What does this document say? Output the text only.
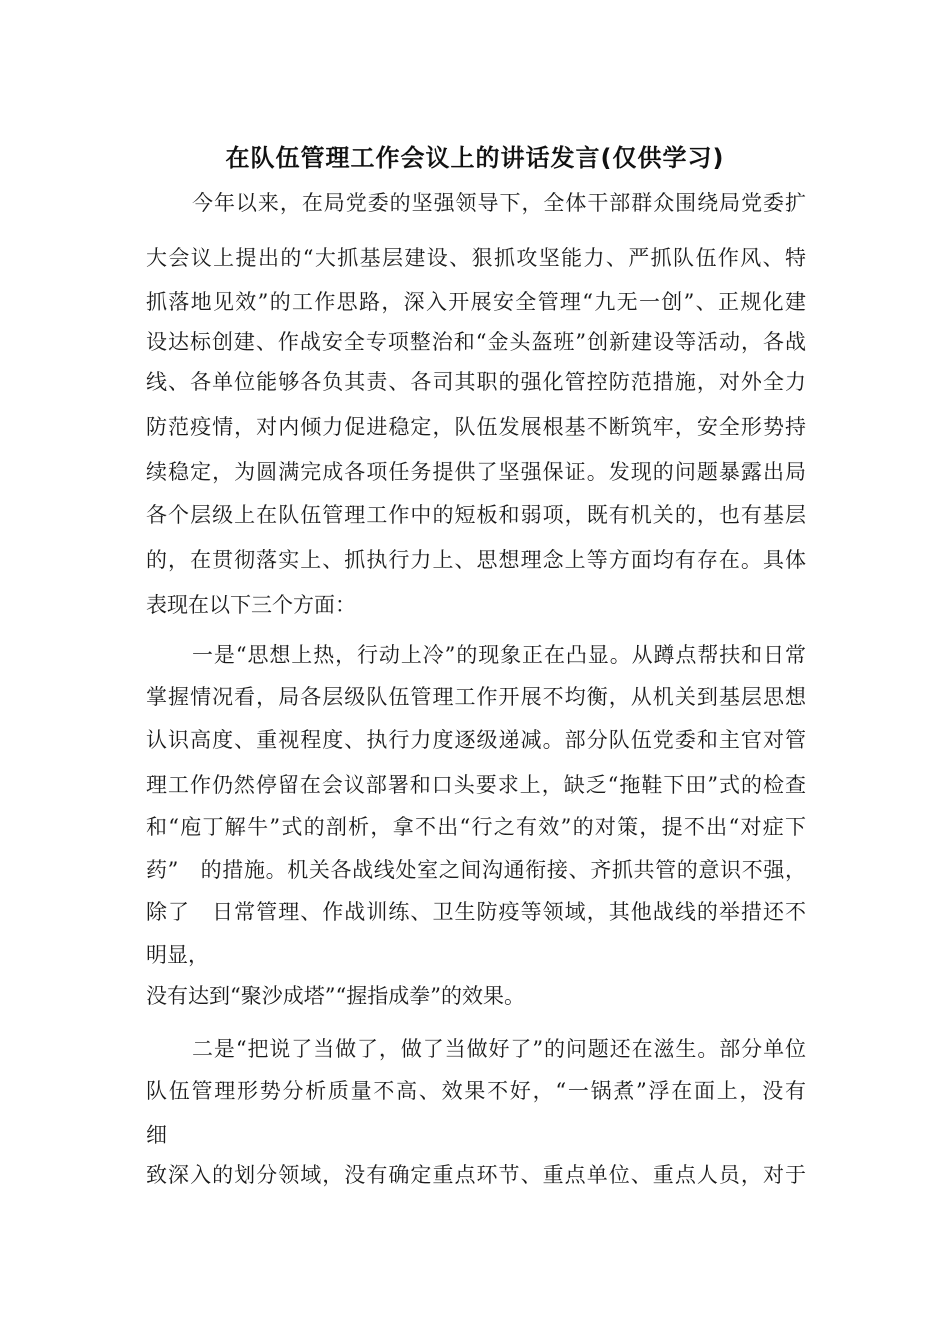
在队伍管理工作会议上的讲话发言(仅供学习)
今年以来，在局党委的坚强领导下，全体干部群众围绕局党委扩
大会议上提出的“大抓基层建设、狠抓攻坚能力、严抓队伍作风、特
抓落地见效”的工作思路，深入开展安全管理“九无一创”、正规化建
设达标创建、作战安全专项整治和“金头盔班”创新建设等活动，各战
线、各单位能够各负其责、各司其职的强化管控防范措施，对外全力
防范疫情，对内倾力促进稳定，队伍发展根基不断筑牢，安全形势持
续稳定，为圆满完成各项任务提供了坚强保证。发现的问题暴露出局
各个层级上在队伍管理工作中的短板和弱项，既有机关的，也有基层
的，在贯彻落实上、抓执行力上、思想理念上等方面均有存在。具体
表现在以下三个方面：
一是“思想上热，行动上冷”的现象正在凸显。从蹲点帮扶和日常
掌握情况看，局各层级队伍管理工作开展不均衡，从机关到基层思想
认识高度、重视程度、执行力度逐级递减。部分队伍党委和主官对管
理工作仍然停留在会议部署和口头要求上，缺乏“拖鞋下田”式的检查
和“庖丁解牛”式的剖析，拿不出“行之有效”的对策，提不出“对症下
药”　的措施。机关各战线处室之间沟通衔接、齐抓共管的意识不强，
除了　日常管理、作战训练、卫生防疫等领域，其他战线的举措还不
明显，
没有达到“聚沙成塔”“握指成拳”的效果。
二是“把说了当做了，做了当做好了”的问题还在滋生。部分单位
队伍管理形势分析质量不高、效果不好，“一锅煮”浮在面上，没有
细
致深入的划分领域，没有确定重点环节、重点单位、重点人员，对于
